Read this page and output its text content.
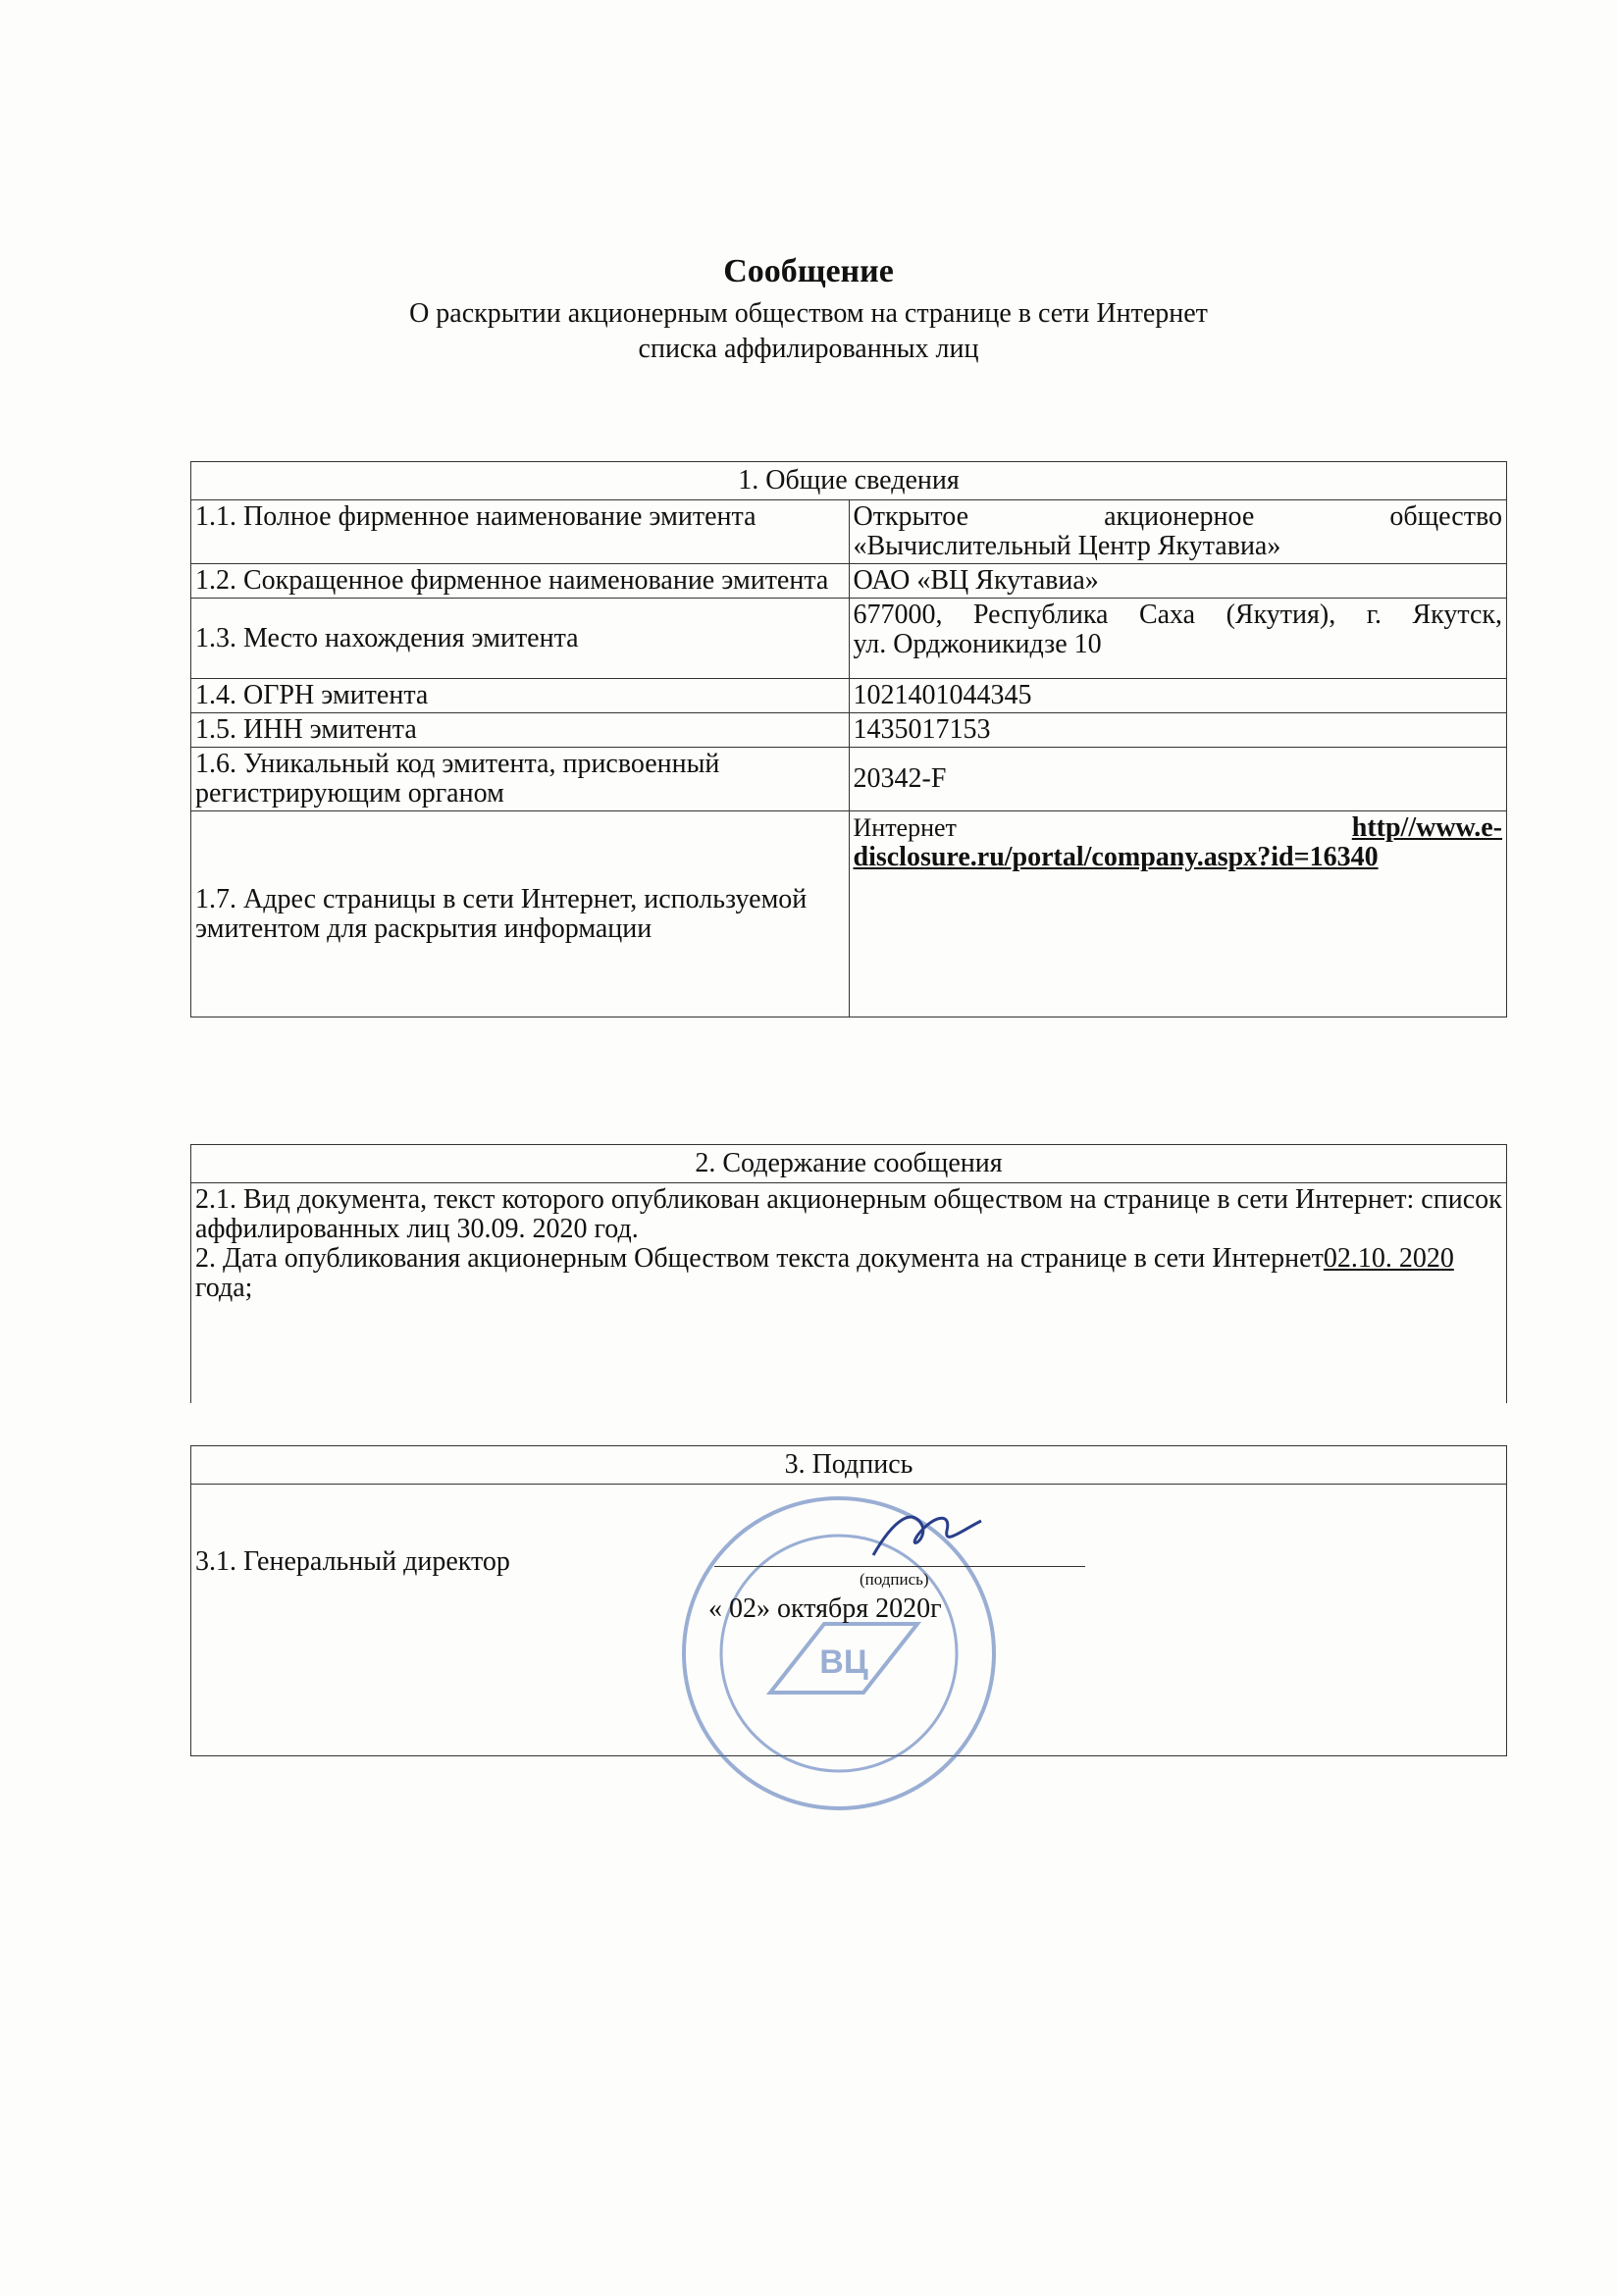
Сообщение
О раскрытии акционерным обществом на странице в сети Интернет
списка аффилированных лиц
1. Общие сведения	
1.1. Полное фирменное наименование эмитента	Открытое акционерное общество
«Вычислительный Центр Якутавиа»

1.2. Сокращенное фирменное наименование эмитента	ОАО «ВЦ Якутавиа»
1.3. Место нахождения эмитента	677000, Республика Саха (Якутия), г. Якутск,
ул. Орджоникидзе 10

1.4. ОГРН эмитента	1021401044345
1.5. ИНН эмитента	1435017153
1.6. Уникальный код эмитента, присвоенный регистрирующим органом	20342-F
1.7. Адрес страницы в сети Интернет, используемой эмитентом для раскрытия информации	Интернет http//www.e-
disclosure.ru/portal/company.aspx?id=16340
2. Содержание сообщения

2.1. Вид документа, текст которого опубликован акционерным обществом на странице в сети Интернет: список аффилированных лиц 30.09. 2020 год.
2. Дата опубликования акционерным Обществом текста документа на странице в сети Интернет02.10. 2020 года;
3. Подпись
3.1. Генеральный директор
ВЦ
(подпись)
« 02» октября 2020г
